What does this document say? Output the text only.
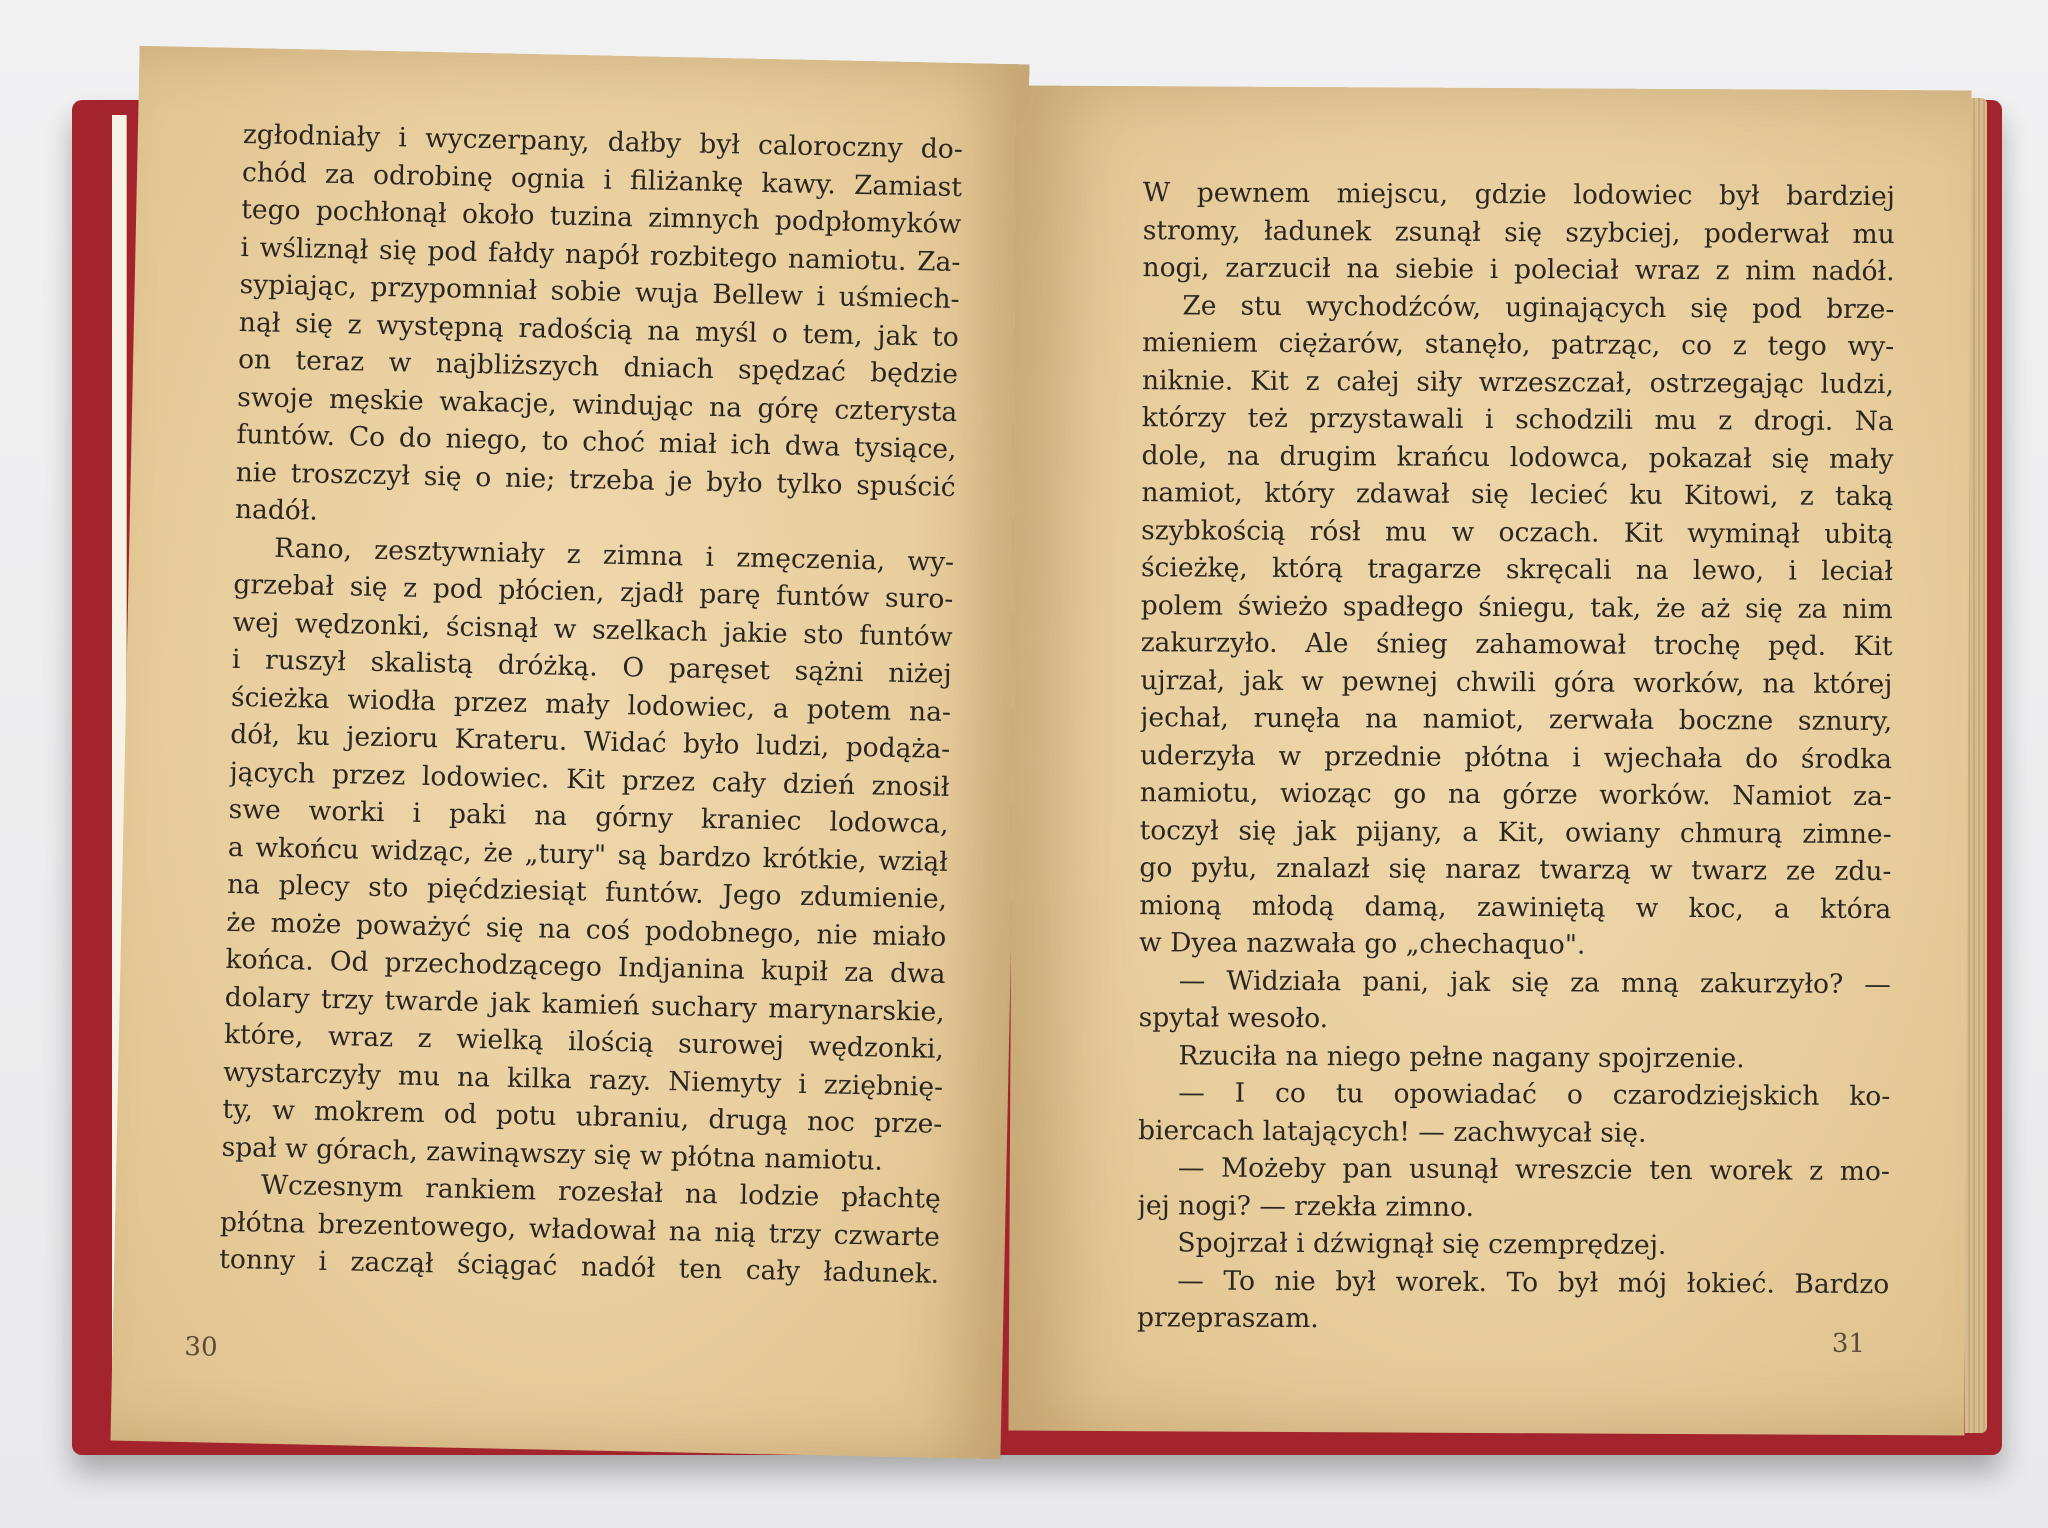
zgłodniały i wyczerpany, dałby był caloroczny do-
chód za odrobinę ognia i filiżankę kawy. Zamiast
tego pochłonął około tuzina zimnych podpłomyków
i wśliznął się pod fałdy napół rozbitego namiotu. Za-
sypiając, przypomniał sobie wuja Bellew i uśmiech-
nął się z występną radością na myśl o tem, jak to
on teraz w najbliższych dniach spędzać będzie
swoje męskie wakacje, windując na górę czterysta
funtów. Co do niego, to choć miał ich dwa tysiące,
nie troszczył się o nie; trzeba je było tylko spuścić
nadół.
Rano, zesztywniały z zimna i zmęczenia, wy-
grzebał się z pod płócien, zjadł parę funtów suro-
wej wędzonki, ścisnął w szelkach jakie sto funtów
i ruszył skalistą dróżką. O paręset sążni niżej
ścieżka wiodła przez mały lodowiec, a potem na-
dół, ku jezioru Krateru. Widać było ludzi, podąża-
jących przez lodowiec. Kit przez cały dzień znosił
swe worki i paki na górny kraniec lodowca,
a wkońcu widząc, że „tury" są bardzo krótkie, wziął
na plecy sto pięćdziesiąt funtów. Jego zdumienie,
że może poważyć się na coś podobnego, nie miało
końca. Od przechodzącego Indjanina kupił za dwa
dolary trzy twarde jak kamień suchary marynarskie,
które, wraz z wielką ilością surowej wędzonki,
wystarczyły mu na kilka razy. Niemyty i zziębnię-
ty, w mokrem od potu ubraniu, drugą noc prze-
spał w górach, zawinąwszy się w płótna namiotu.
Wczesnym rankiem rozesłał na lodzie płachtę
płótna brezentowego, władował na nią trzy czwarte
tonny i zaczął ściągać nadół ten cały ładunek.
30
W pewnem miejscu, gdzie lodowiec był bardziej
stromy, ładunek zsunął się szybciej, poderwał mu
nogi, zarzucił na siebie i poleciał wraz z nim nadół.
Ze stu wychodźców, uginających się pod brze-
mieniem ciężarów, stanęło, patrząc, co z tego wy-
niknie. Kit z całej siły wrzeszczał, ostrzegając ludzi,
którzy też przystawali i schodzili mu z drogi. Na
dole, na drugim krańcu lodowca, pokazał się mały
namiot, który zdawał się lecieć ku Kitowi, z taką
szybkością rósł mu w oczach. Kit wyminął ubitą
ścieżkę, którą tragarze skręcali na lewo, i leciał
polem świeżo spadłego śniegu, tak, że aż się za nim
zakurzyło. Ale śnieg zahamował trochę pęd. Kit
ujrzał, jak w pewnej chwili góra worków, na której
jechał, runęła na namiot, zerwała boczne sznury,
uderzyła w przednie płótna i wjechała do środka
namiotu, wioząc go na górze worków. Namiot za-
toczył się jak pijany, a Kit, owiany chmurą zimne-
go pyłu, znalazł się naraz twarzą w twarz ze zdu-
mioną młodą damą, zawiniętą w koc, a która
w Dyea nazwała go „chechaquo".
— Widziała pani, jak się za mną zakurzyło? —
spytał wesoło.
Rzuciła na niego pełne nagany spojrzenie.
— I co tu opowiadać o czarodziejskich ko-
biercach latających! — zachwycał się.
— Możeby pan usunął wreszcie ten worek z mo-
jej nogi? — rzekła zimno.
Spojrzał i dźwignął się czemprędzej.
— To nie był worek. To był mój łokieć. Bardzo
przepraszam.
31
